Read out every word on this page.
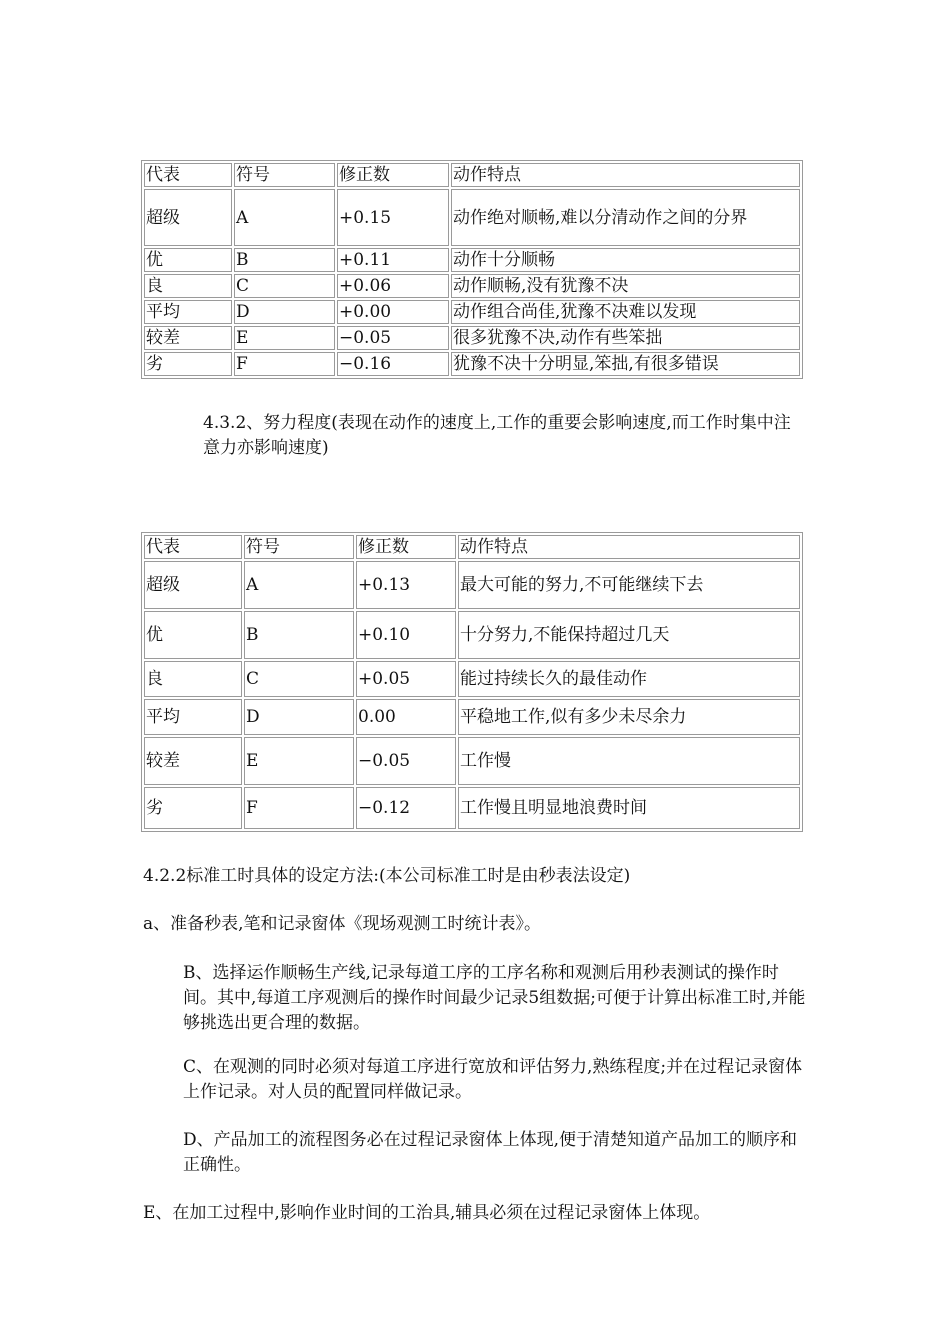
代表	符号	修正数	动作特点
超级	A	+0.15	动作绝对顺畅,难以分清动作之间的分界
优	B	+0.11	动作十分顺畅
良	C	+0.06	动作顺畅,没有犹豫不决
平均	D	+0.00	动作组合尚佳,犹豫不决难以发现
较差	E	−0.05	很多犹豫不决,动作有些笨拙
劣	F	−0.16	犹豫不决十分明显,笨拙,有很多错误

4.3.2、努力程度(表现在动作的速度上,工作的重要会影响速度,而工作时集中注意力亦影响速度)

代表	符号	修正数	动作特点
超级	A	+0.13	最大可能的努力,不可能继续下去
优	B	+0.10	十分努力,不能保持超过几天
良	C	+0.05	能过持续长久的最佳动作
平均	D	0.00	平稳地工作,似有多少未尽余力
较差	E	−0.05	工作慢
劣	F	−0.12	工作慢且明显地浪费时间

4.2.2标准工时具体的设定方法:(本公司标准工时是由秒表法设定)

a、准备秒表,笔和记录窗体《现场观测工时统计表》。

B、选择运作顺畅生产线,记录每道工序的工序名称和观测后用秒表测试的操作时间。其中,每道工序观测后的操作时间最少记录5组数据;可便于计算出标准工时,并能够挑选出更合理的数据。

C、在观测的同时必须对每道工序进行宽放和评估努力,熟练程度;并在过程记录窗体上作记录。对人员的配置同样做记录。

D、产品加工的流程图务必在过程记录窗体上体现,便于清楚知道产品加工的顺序和正确性。

E、在加工过程中,影响作业时间的工治具,辅具必须在过程记录窗体上体现。
